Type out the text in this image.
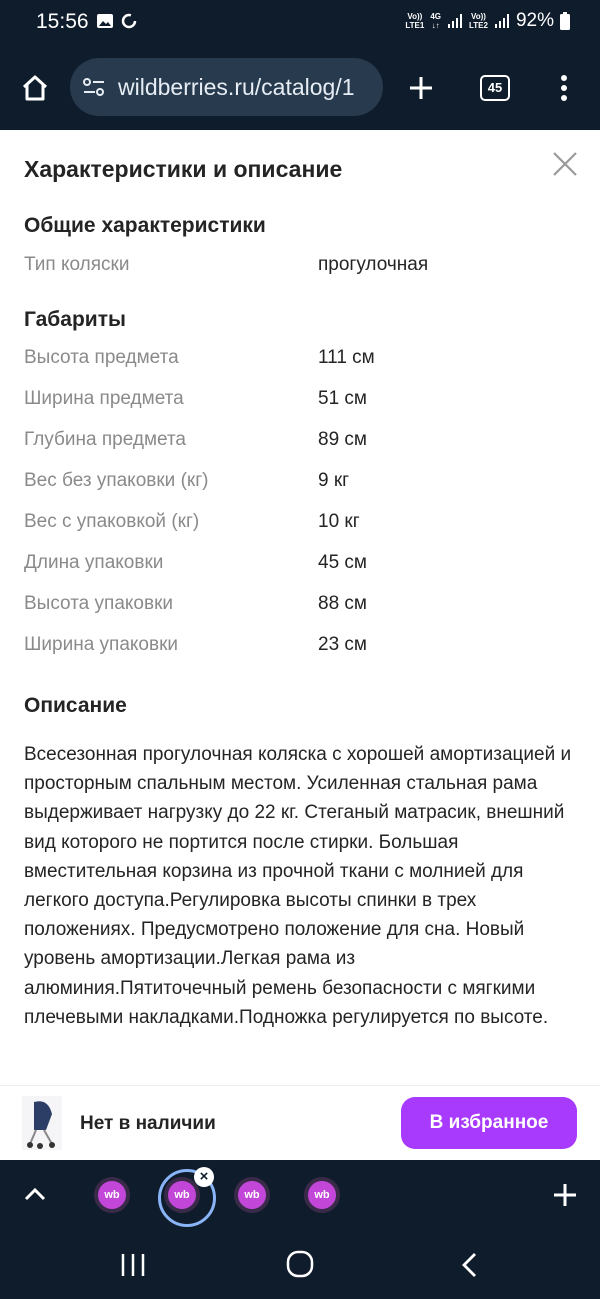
15:56	Vo))
LTE1
4G
↓↑
Vo))
LTE2 92%
wildberries.ru/catalog/1	45
Характеристики и описание
Общие характеристики
Тип коляски	прогулочная
Габариты
Высота предмета	111 см
Ширина предмета	51 см
Глубина предмета	89 см
Вес без упаковки (кг)	9 кг
Вес с упаковкой (кг)	10 кг
Длина упаковки	45 см
Высота упаковки	88 см
Ширина упаковки	23 см
Описание
Всесезонная прогулочная коляска с хорошей амортизацией и просторным спальным местом. Усиленная стальная рама выдерживает нагрузку до 22 кг. Стеганый матрасик, внешний вид которого не портится после стирки. Большая вместительная корзина из прочной ткани с молнией для легкого доступа.Регулировка высоты спинки в трех положениях. Предусмотрено положение для сна. Новый уровень амортизации.Легкая рама из алюминия.Пятиточечный ремень безопасности с мягкими плечевыми накладками.Подножка регулируется по высоте.
Нет в наличии	В избранное
wb	wb
×
wb	wb
